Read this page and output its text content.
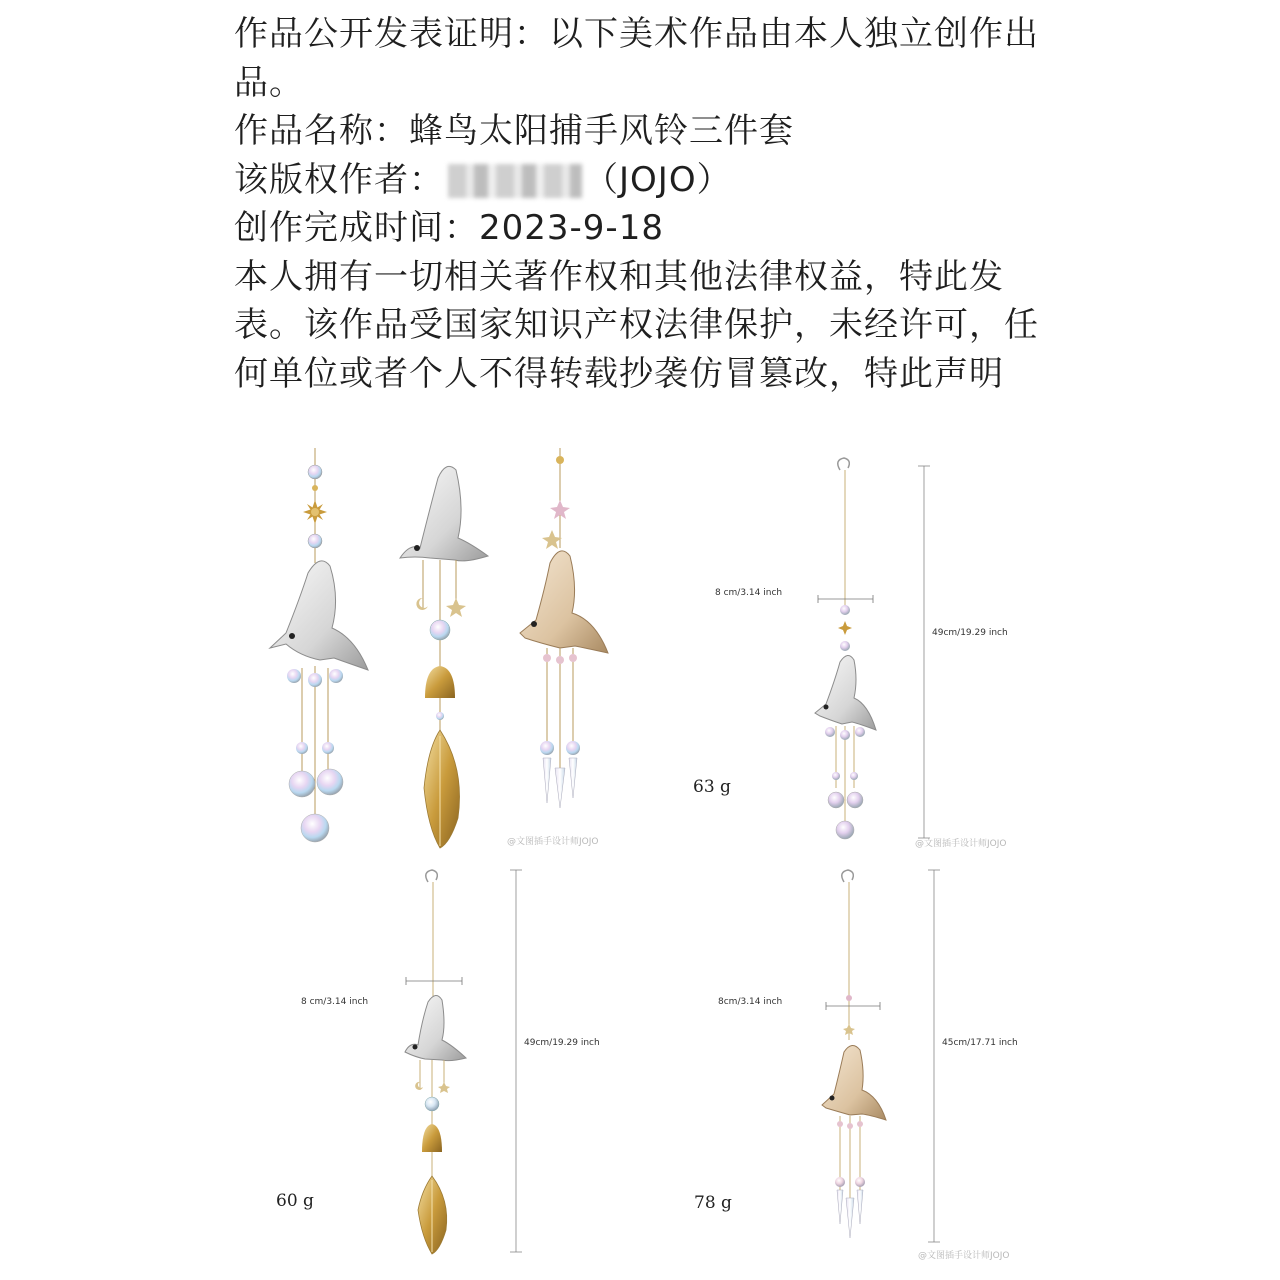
作品公开发表证明：以下美术作品由本人独立创作出品。

作品名称：蜂鸟太阳捕手风铃三件套

该版权作者：	（JOJO）

创作完成时间：2023-9-18

本人拥有一切相关著作权和其他法律权益，特此发表。该作品受国家知识产权法律保护，未经许可，任何单位或者个人不得转载抄袭仿冒篡改，特此声明

@文图插手设计师JOJO
8 cm/3.14 inch
49cm/19.29 inch
63 g
@文图插手设计师JOJO
8 cm/3.14 inch
49cm/19.29 inch
60 g
8cm/3.14 inch
45cm/17.71 inch
78 g
@文图插手设计师JOJO
